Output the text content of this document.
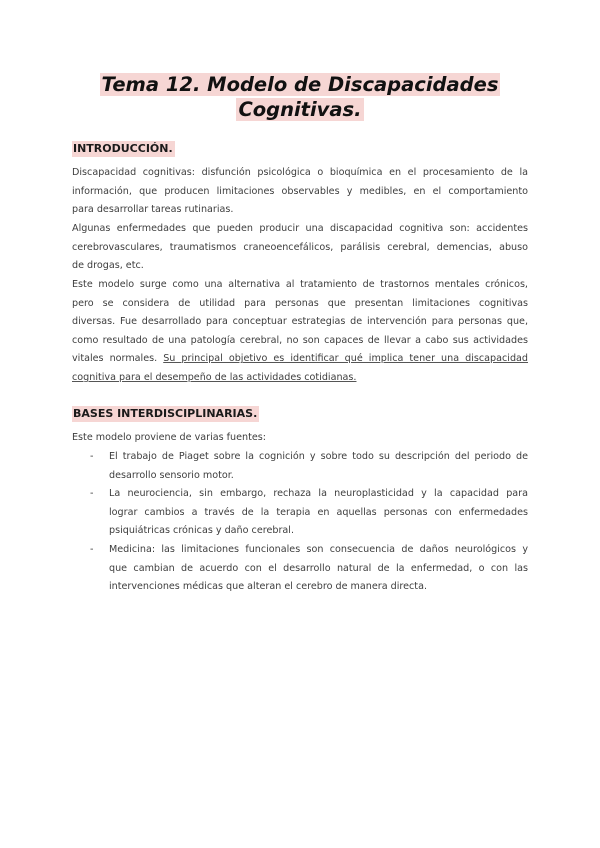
Tema 12. Modelo de Discapacidades
Cognitivas.
INTRODUCCIÓN.
Discapacidad cognitivas: disfunción psicológica o bioquímica en el procesamiento de la
información, que producen limitaciones observables y medibles, en el comportamiento
para desarrollar tareas rutinarias.
Algunas enfermedades que pueden producir una discapacidad cognitiva son: accidentes
cerebrovasculares, traumatismos craneoencefálicos, parálisis cerebral, demencias, abuso
de drogas, etc.
Este modelo surge como una alternativa al tratamiento de trastornos mentales crónicos,
pero se considera de utilidad para personas que presentan limitaciones cognitivas
diversas. Fue desarrollado para conceptuar estrategias de intervención para personas que,
como resultado de una patología cerebral, no son capaces de llevar a cabo sus actividades
vitales normales. Su principal objetivo es identificar qué implica tener una discapacidad
cognitiva para el desempeño de las actividades cotidianas.
BASES INTERDISCIPLINARIAS.
Este modelo proviene de varias fuentes:
- El trabajo de Piaget sobre la cognición y sobre todo su descripción del periodo de
desarrollo sensorio motor.
- La neurociencia, sin embargo, rechaza la neuroplasticidad y la capacidad para
lograr cambios a través de la terapia en aquellas personas con enfermedades
psiquiátricas crónicas y daño cerebral.
- Medicina: las limitaciones funcionales son consecuencia de daños neurológicos y
que cambian de acuerdo con el desarrollo natural de la enfermedad, o con las
intervenciones médicas que alteran el cerebro de manera directa.
